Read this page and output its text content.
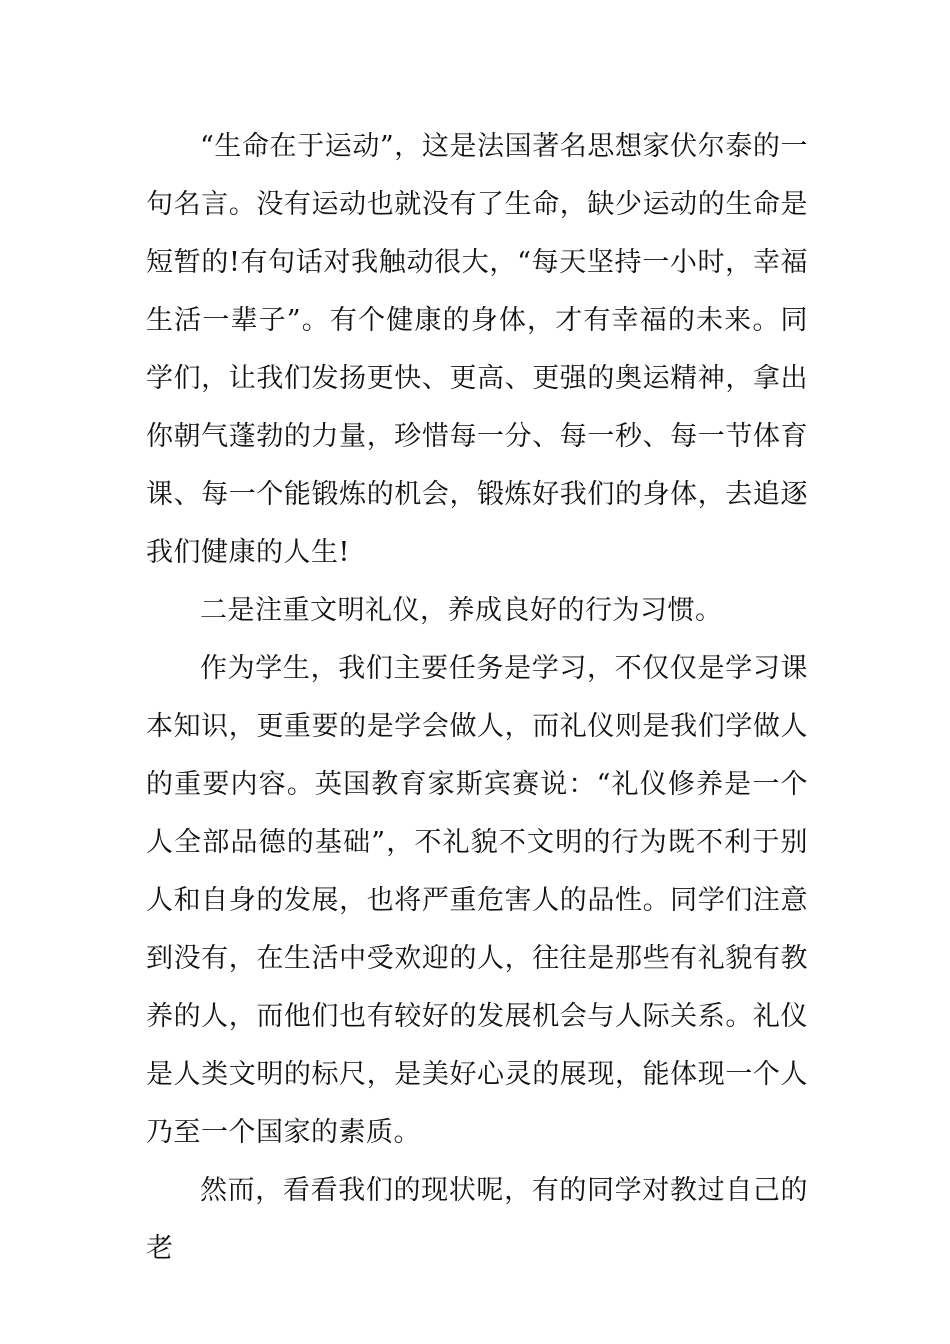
“生命在于运动”，这是法国著名思想家伏尔泰的一句名言。没有运动也就没有了生命，缺少运动的生命是短暂的!有句话对我触动很大，“每天坚持一小时，幸福生活一辈子”。有个健康的身体，才有幸福的未来。同学们，让我们发扬更快、更高、更强的奥运精神，拿出你朝气蓬勃的力量，珍惜每一分、每一秒、每一节体育课、每一个能锻炼的机会，锻炼好我们的身体，去追逐我们健康的人生!

二是注重文明礼仪，养成良好的行为习惯。

作为学生，我们主要任务是学习，不仅仅是学习课本知识，更重要的是学会做人，而礼仪则是我们学做人的重要内容。英国教育家斯宾赛说：“礼仪修养是一个人全部品德的基础”，不礼貌不文明的行为既不利于别人和自身的发展，也将严重危害人的品性。同学们注意到没有，在生活中受欢迎的人，往往是那些有礼貌有教养的人，而他们也有较好的发展机会与人际关系。礼仪是人类文明的标尺，是美好心灵的展现，能体现一个人乃至一个国家的素质。

然而，看看我们的现状呢，有的同学对教过自己的老
